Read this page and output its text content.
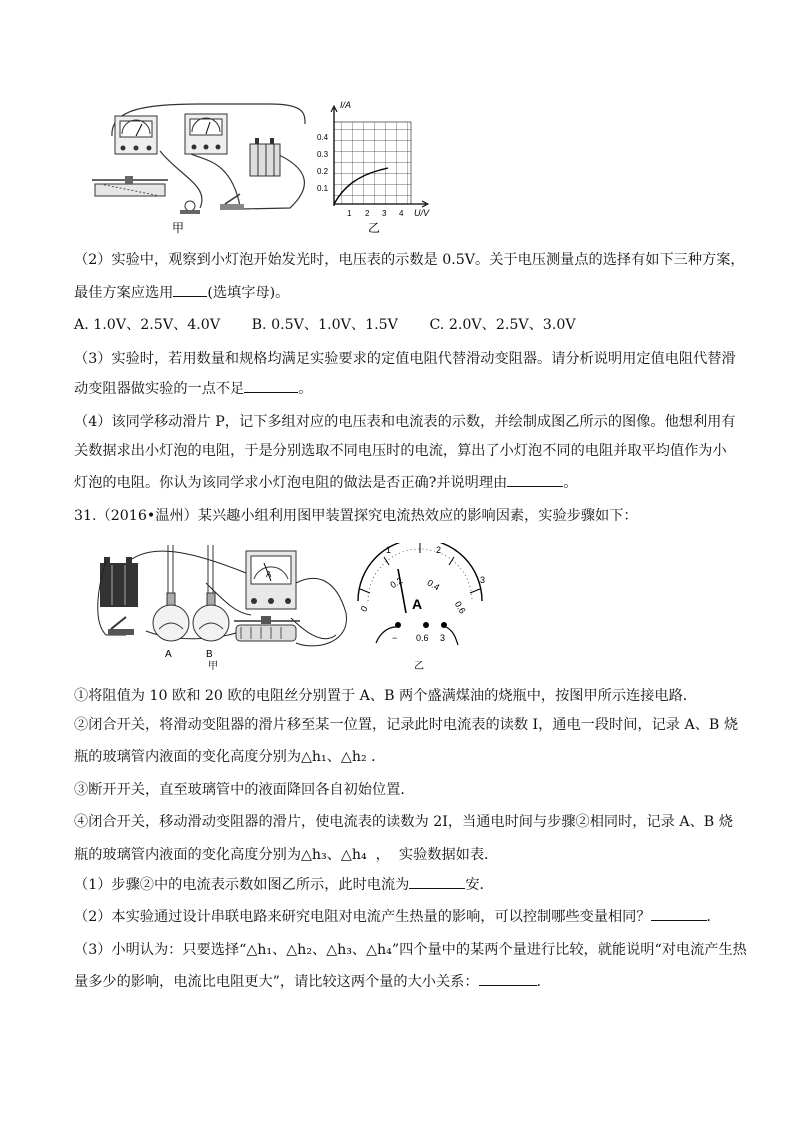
甲
I/A
0.4
0.3
0.2
0.1
1 2 3 4 U/V
乙
（2）实验中，观察到小灯泡开始发光时，电压表的示数是 0.5V。关于电压测量点的选择有如下三种方案，
最佳方案应选用 (选填字母)。
A. 1.0V、2.5V、4.0V       B. 0.5V、1.0V、1.5V       C. 2.0V、2.5V、3.0V
（3）实验时，若用数量和规格均满足实验要求的定值电阻代替滑动变阻器。请分析说明用定值电阻代替滑
动变阻器做实验的一点不足	。
（4）该同学移动滑片 P，记下多组对应的电压表和电流表的示数，并绘制成图乙所示的图像。他想利用有
关数据求出小灯泡的电阻，于是分别选取不同电压时的电流，算出了小灯泡不同的电阻并取平均值作为小
灯泡的电阻。你认为该同学求小灯泡电阻的做法是否正确?并说明理由	。
31.（2016•温州）某兴趣小组利用图甲装置探究电流热效应的影响因素，实验步骤如下：
A	B
A
甲
1	2
3
0
0.2 0.4
0.6
A
− 0.6 3
乙
①将阻值为 10 欧和 20 欧的电阻丝分别置于 A、B 两个盛满煤油的烧瓶中，按图甲所示连接电路．
②闭合开关，将滑动变阻器的滑片移至某一位置，记录此时电流表的读数 I，通电一段时间，记录 A、B 烧
瓶的玻璃管内液面的变化高度分别为△h₁、△h₂ ．
③断开开关，直至玻璃管中的液面降回各自初始位置．
④闭合开关，移动滑动变阻器的滑片，使电流表的读数为 2I，当通电时间与步骤②相同时，记录 A、B 烧
瓶的玻璃管内液面的变化高度分别为△h₃、△h₄  ，  实验数据如表．
（1）步骤②中的电流表示数如图乙所示，此时电流为	安．
（2）本实验通过设计串联电路来研究电阻对电流产生热量的影响，可以控制哪些变量相同？	．
（3）小明认为：只要选择“△h₁、△h₂、△h₃、△h₄”四个量中的某两个量进行比较，就能说明“对电流产生热
量多少的影响，电流比电阻更大”，请比较这两个量的大小关系：	．
